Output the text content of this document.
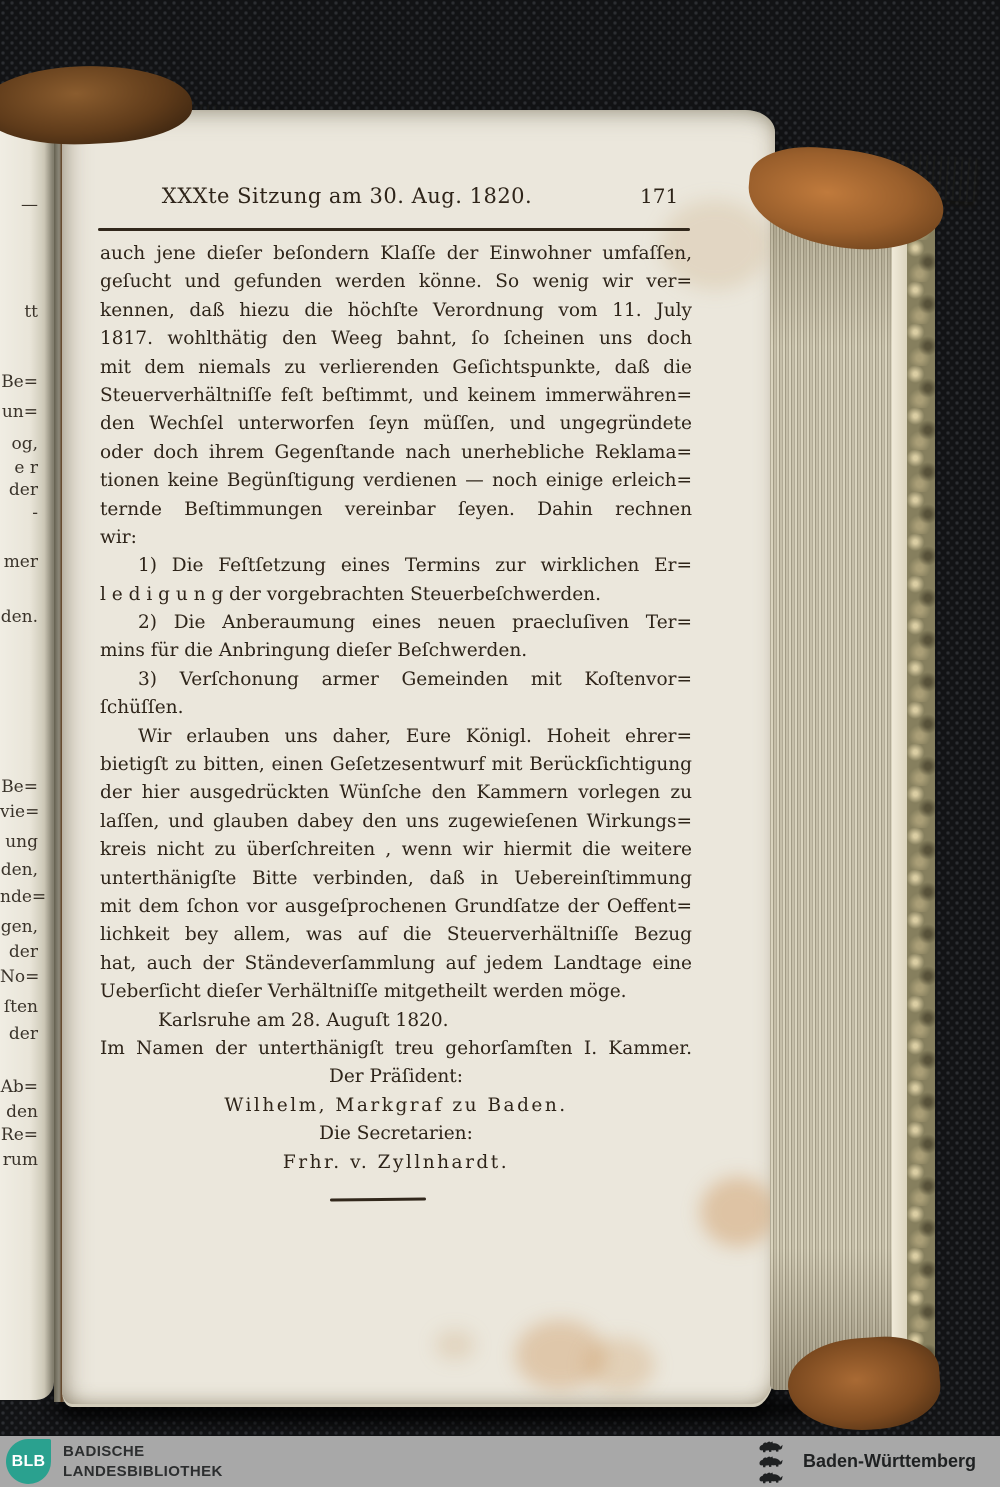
—
tt
Be=
un=
og,
e r
der
-
mer
den.
Be=
vie=
ung
den,
nde=
gen,
der
No=
ſten
der
Ab=
den
Re=
rum
XXXte Sitzung am 30. Aug. 1820.	171
auch jene dieſer beſondern Klaſſe der Einwohner umfaſſen,
geſucht und gefunden werden könne. So wenig wir ver=
kennen, daß hiezu die höchſte Verordnung vom 11. July
1817. wohlthätig den Weeg bahnt, ſo ſcheinen uns doch
mit dem niemals zu verlierenden Geſichtspunkte, daß die
Steuerverhältniſſe feſt beſtimmt, und keinem immerwähren=
den Wechſel unterworfen ſeyn müſſen, und ungegründete
oder doch ihrem Gegenſtande nach unerhebliche Reklama=
tionen keine Begünſtigung verdienen — noch einige erleich=
ternde Beſtimmungen vereinbar ſeyen. Dahin rechnen
wir:
1) Die Feſtſetzung eines Termins zur wirklichen Er=
l e d i g u n g der vorgebrachten Steuerbeſchwerden.
2) Die Anberaumung eines neuen praecluſiven Ter=
mins für die Anbringung dieſer Beſchwerden.
3) Verſchonung armer Gemeinden mit Koſtenvor=
ſchüſſen.
Wir erlauben uns daher, Eure Königl. Hoheit ehrer=
bietigſt zu bitten, einen Geſetzesentwurf mit Berückſichtigung
der hier ausgedrückten Wünſche den Kammern vorlegen zu
laſſen, und glauben dabey den uns zugewieſenen Wirkungs=
kreis nicht zu überſchreiten , wenn wir hiermit die weitere
unterthänigſte Bitte verbinden, daß in Uebereinſtimmung
mit dem ſchon vor ausgeſprochenen Grundſatze der Oeffent=
lichkeit bey allem, was auf die Steuerverhältniſſe Bezug
hat, auch der Ständeverſammlung auf jedem Landtage eine
Ueberſicht dieſer Verhältniſſe mitgetheilt werden möge.
Karlsruhe am 28. Auguſt 1820.
Im Namen der unterthänigſt treu gehorſamſten I. Kammer.
Der Präſident:
Wilhelm, Markgraf zu Baden.
Die Secretarien:
Frhr. v. Zyllnhardt.
BLB
BADISCHE
LANDESBIBLIOTHEK	Baden-Württemberg
